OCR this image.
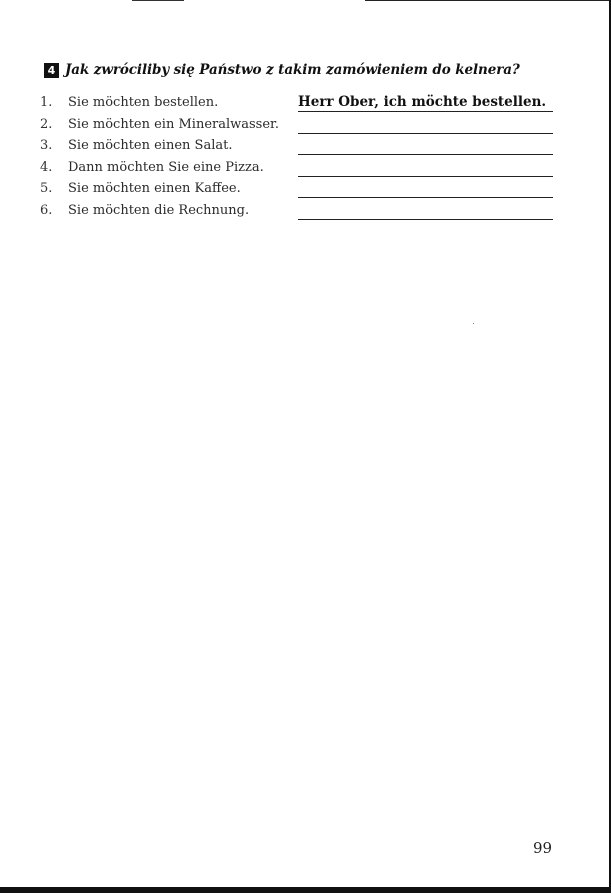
4 Jak zwróciliby się Państwo z takim zamówieniem do kelnera?
1. Sie möchten bestellen.	Herr Ober, ich möchte bestellen.
2. Sie möchten ein Mineralwasser.
3. Sie möchten einen Salat.
4. Dann möchten Sie eine Pizza.
5. Sie möchten einen Kaffee.
6. Sie möchten die Rechnung.
99
